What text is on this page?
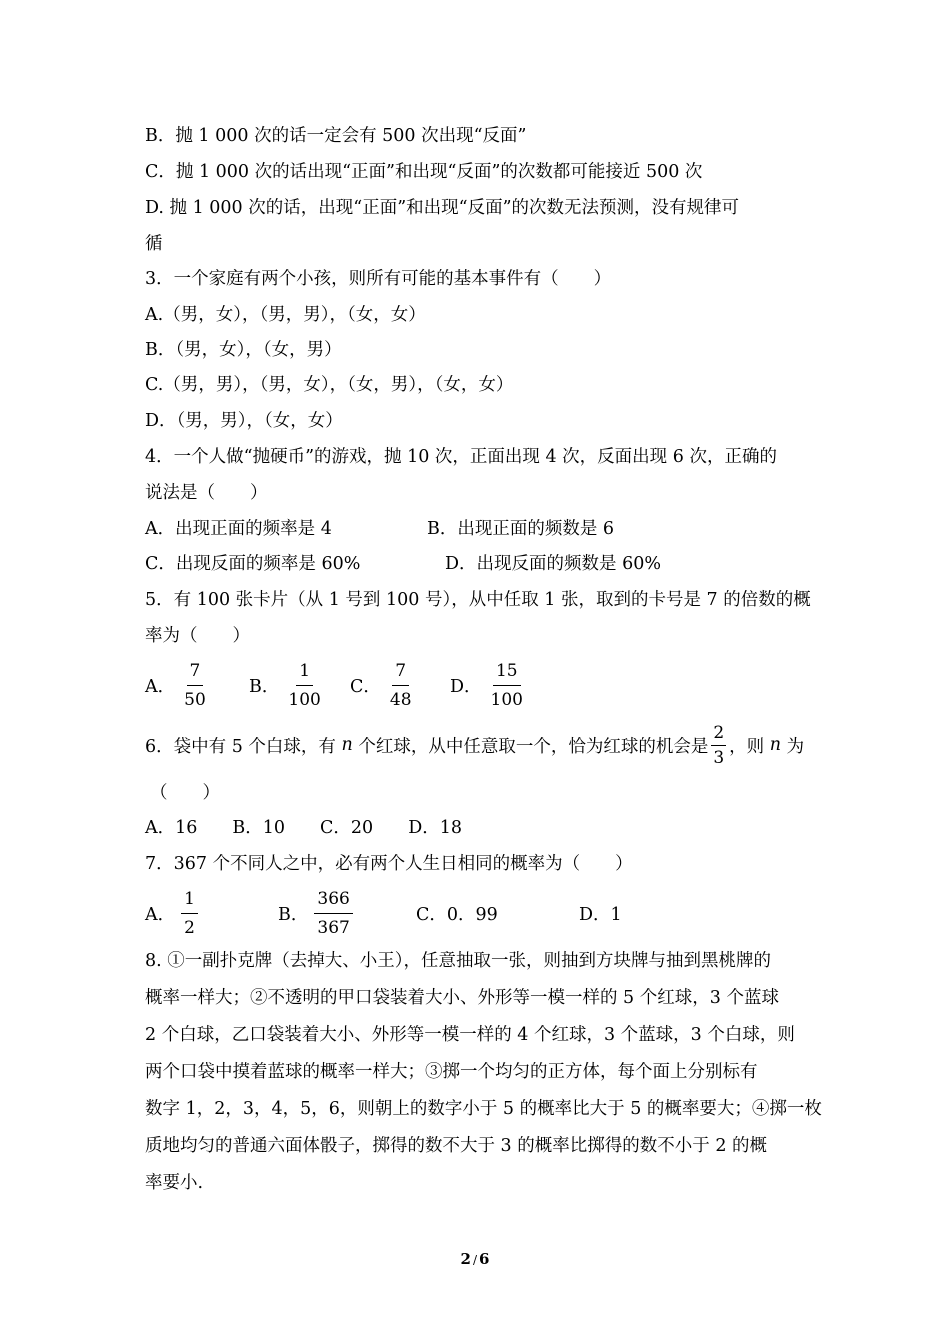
B．抛 1 000 次的话一定会有 500 次出现“反面”
C．抛 1 000 次的话出现“正面”和出现“反面”的次数都可能接近 500 次
D. 抛 1 000 次的话，出现“正面”和出现“反面”的次数无法预测，没有规律可
循
3．一个家庭有两个小孩，则所有可能的基本事件有（　　）
A.（男，女），（男，男），（女，女）
B．（男，女），（女，男）
C.（男，男），（男，女），（女，男），（女，女）
D．（男，男），（女，女）
4．一个人做“抛硬币”的游戏，抛 10 次，正面出现 4 次，反面出现 6 次，正确的
说法是（　　）
A．出现正面的频率是 4	B．出现正面的频数是 6
C．出现反面的频率是 60%	D．出现反面的频数是 60%
5．有 100 张卡片（从 1 号到 100 号），从中任取 1 张，取到的卡号是 7 的倍数的概
率为（　　）
A． $\frac{7}{50}$ B． $\frac{1}{100}$ C． $\frac{7}{48}$ D． $\frac{15}{100}$
6．袋中有 5 个白球，有
n
个红球，从中任意取一个，恰为红球的机会是 $\frac{2}{3}$ ，则
n
为
（　　）
A．16　　B．10　　C．20　　D．18
7．367 个不同人之中，必有两个人生日相同的概率为（　　）
A． $\frac{1}{2}$	B． $\frac{366}{367}$	C．0．99	D．1
8. ①一副扑克牌（去掉大、小王），任意抽取一张，则抽到方块牌与抽到黑桃牌的
概率一样大；②不透明的甲口袋装着大小、外形等一模一样的 5 个红球，3 个蓝球
2 个白球，乙口袋装着大小、外形等一模一样的 4 个红球，3 个蓝球，3 个白球，则
两个口袋中摸着蓝球的概率一样大；③掷一个均匀的正方体，每个面上分别标有
数字 1，2，3，4，5，6，则朝上的数字小于 5 的概率比大于 5 的概率要大；④掷一枚
质地均匀的普通六面体骰子，掷得的数不大于 3 的概率比掷得的数不小于 2 的概
率要小.
2 / 6
